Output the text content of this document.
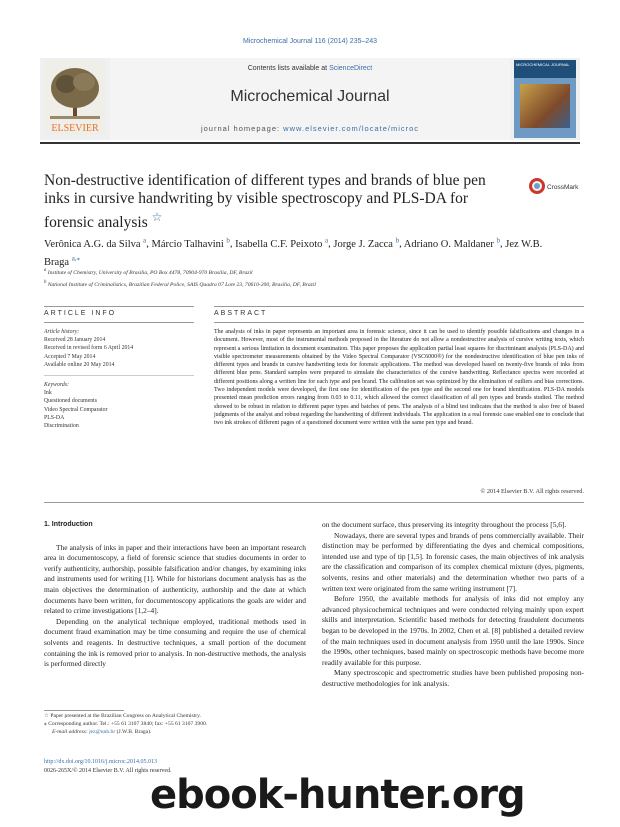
Microchemical Journal 116 (2014) 235–243
ELSEVIER
Contents lists available at ScienceDirect
Microchemical Journal
journal homepage: www.elsevier.com/locate/microc
MICROCHEMICAL JOURNAL
Non-destructive identification of different types and brands of blue pen inks in cursive handwriting by visible spectroscopy and PLS-DA for forensic analysis ☆
CrossMark
Verônica A.G. da Silva $^a$, Márcio Talhavini $^b$, Isabella C.F. Peixoto $^a$, Jorge J. Zacca $^b$, Adriano O. Maldaner $^b$, Jez W.B. Braga $^{a,⁎}$
$^a$ Institute of Chemistry, University of Brasília, PO Box 4478, 70904-970 Brasília, DF, Brazil
$^b$ National Institute of Criminalistics, Brazilian Federal Police, SAIS Quadra 07 Lote 23, 70610-200, Brasília, DF, Brazil
ARTICLE INFO	ABSTRACT
Article history:
Received 28 January 2014
Received in revised form 6 April 2014
Accepted 7 May 2014
Available online 20 May 2014
Keywords:
Ink
Questioned documents
Video Spectral Comparator
PLS-DA
Discrimination
The analysis of inks in paper represents an important area in forensic science, since it can be used to identify possible falsifications and changes in a document. However, most of the instrumental methods proposed in the literature do not allow a nondestructive analysis of cursive writing texts, which represent a serious limitation in document examination. This paper proposes the application partial least squares for discriminant analysis (PLS-DA) and visible spectrometer measurements obtained by the Video Spectral Comparator (VSC6000®) for the nondestructive identification of blue pen inks of different types and brands in cursive handwriting texts for forensic applications. The method was developed based on twenty-five brands of inks from different blue pens. Standard samples were prepared to simulate the characteristics of the cursive handwriting. Reflectance spectra were recorded at different positions along a written line for each type and pen brand. The calibration set was optimized by the elimination of outliers and bias corrections. Two independent models were developed, the first one for identification of the pen type and the second one for brand identification. PLS-DA models presented mean prediction errors ranging from 0.03 to 0.11, which allowed the correct classification of all pen types and brands studied. The method showed to be robust in relation to different paper types and batches of pens. The analysis of a blind test indicates that the method is also free of biased judgments of the analyst and robust regarding the handwriting of different individuals. The application in a real forensic case enabled one to conclude that two ink strokes of different pages of a questioned document were written with the same pen type and brand.
© 2014 Elsevier B.V. All rights reserved.
1. Introduction

The analysis of inks in paper and their interactions have been an important research area in documentoscopy, a field of forensic science that studies documents in order to verify authenticity, authorship, possible falsification and/or changes, by examining inks and instruments used for writing [1]. While for historians document analysis has as the main objectives the determination of authenticity, authorship and the date at which documents have been written, for documentoscopy applications the goals are wider and related to crime investigations [1,2–4].

Depending on the analytical technique employed, traditional methods used in document fraud examination may be time consuming and require the use of chemical solvents and reagents. In destructive techniques, a small portion of the document containing the ink is removed prior to analysis. In non-destructive methods, the analysis is performed directly

on the document surface, thus preserving its integrity throughout the process [5,6].

Nowadays, there are several types and brands of pens commercially available. Their distinction may be performed by differentiating the dyes and chemical compositions, intended use and type of tip [1,5]. In forensic cases, the main objectives of ink analysis are the classification and comparison of its complex chemical mixture (dyes, pigments, solvents, resins and other materials) and the determination whether two parts of a written text were originated from the same writing instrument [7].

Before 1950, the available methods for analysis of inks did not employ any advanced physicochemical techniques and were conducted relying mainly upon expert skills and interpretation. Scientific based methods for detecting fraudulent documents began to be developed in the 1970s. In 2002, Chen et al. [8] published a detailed review of the main techniques used in document analysis from 1950 until the late 1990s. Since the 1990s, other techniques, based mainly on spectroscopic methods have become more readily available for this purpose.

Many spectroscopic and spectrometric studies have been published proposing non-destructive methodologies for ink analysis.

☆ Paper presented at the Brazilian Congress on Analytical Chemistry.
⁎ Corresponding author. Tel.: +55 61 3107 3840; fax: +55 61 3107 3900.
E-mail address: jez@unb.br (J.W.B. Braga).
http://dx.doi.org/10.1016/j.microc.2014.05.013
0026-265X/© 2014 Elsevier B.V. All rights reserved.
ebook-hunter.org
